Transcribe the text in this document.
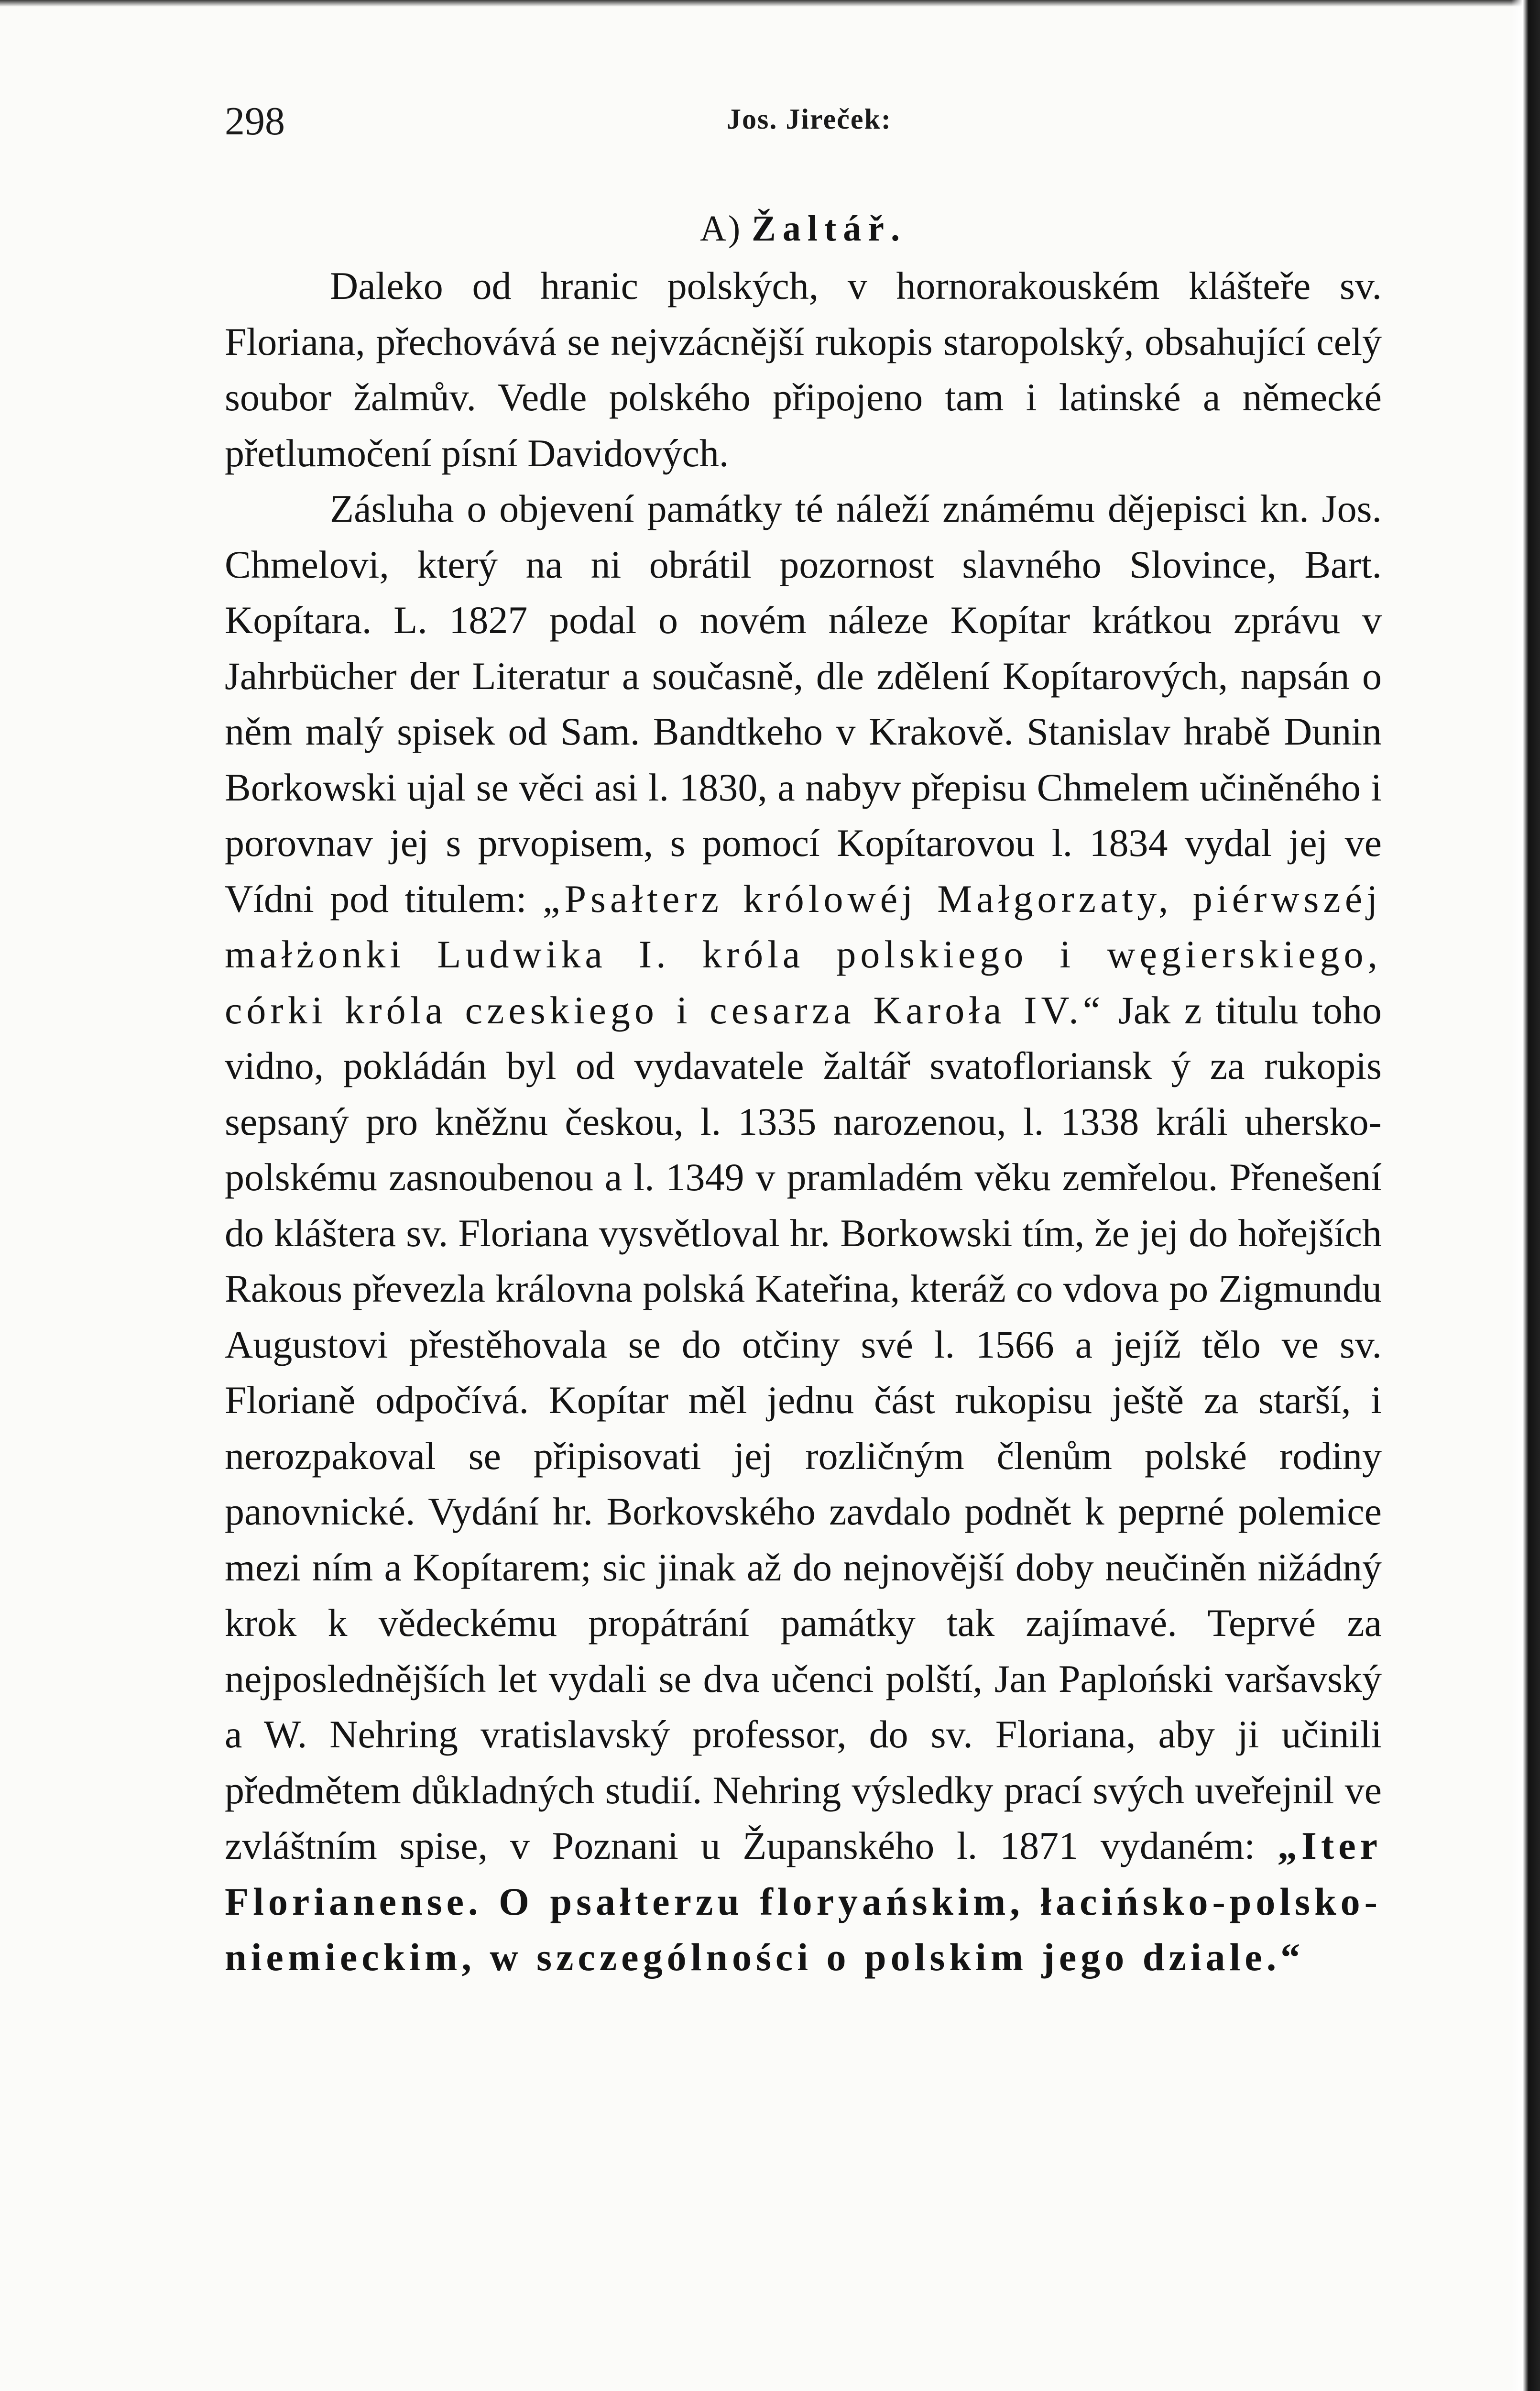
298	Jos. Jireček:
A) Žaltář.

Daleko od hranic polských, v hornorakouském klášteře sv. Floriana, přechovává se nejvzácnější rukopis staropolský, obsahující celý soubor žalmův. Vedle polského připojeno tam i latinské a německé přetlumočení písní Davidových.

Zásluha o objevení památky té náleží známému dějepisci kn. Jos. Chmelovi, který na ni obrátil pozornost slavného Slovince, Bart. Kopítara. L. 1827 podal o novém náleze Kopítar krátkou zprávu v Jahrbücher der Literatur a současně, dle zdělení Kopítarových, napsán o něm malý spisek od Sam. Bandtkeho v Krakově. Stanislav hrabě Dunin Borkowski ujal se věci asi l. 1830, a nabyv přepisu Chmelem učiněného i porovnav jej s prvopisem, s pomocí Kopítarovou l. 1834 vydal jej ve Vídni pod titulem: „Psałterz królowéj Małgorzaty, piérwszéj małżonki Ludwika I. króla polskiego i węgierskiego, córki króla czeskiego i cesarza Karoła IV.“ Jak z titulu toho vidno, pokládán byl od vydavatele žaltář svatofloriansk ý za rukopis sepsaný pro kněžnu českou, l. 1335 narozenou, l. 1338 králi uhersko-polskému zasnoubenou a l. 1349 v pramladém věku zemřelou. Přenešení do kláštera sv. Floriana vysvětloval hr. Borkowski tím, že jej do hořejších Rakous převezla královna polská Kateřina, kteráž co vdova po Zigmundu Augustovi přestěhovala se do otčiny své l. 1566 a jejíž tělo ve sv. Florianě odpočívá. Kopítar měl jednu část rukopisu ještě za starší, i nerozpakoval se připisovati jej rozličným členům polské rodiny panovnické. Vydání hr. Borkovského zavdalo podnět k peprné polemice mezi ním a Kopítarem; sic jinak až do nejnovější doby neučiněn nižádný krok k vědeckému propátrání památky tak zajímavé. Teprvé za nejposlednějších let vydali se dva učenci polští, Jan Paploński varšavský a W. Nehring vratislavský professor, do sv. Floriana, aby ji učinili předmětem důkladných studií. Nehring výsledky prací svých uveřejnil ve zvláštním spise, v Poznani u Županského l. 1871 vydaném: „Iter Florianense. O psałterzu floryańskim, łacińsko-polsko-niemieckim, w szczególności o polskim jego dziale.“
